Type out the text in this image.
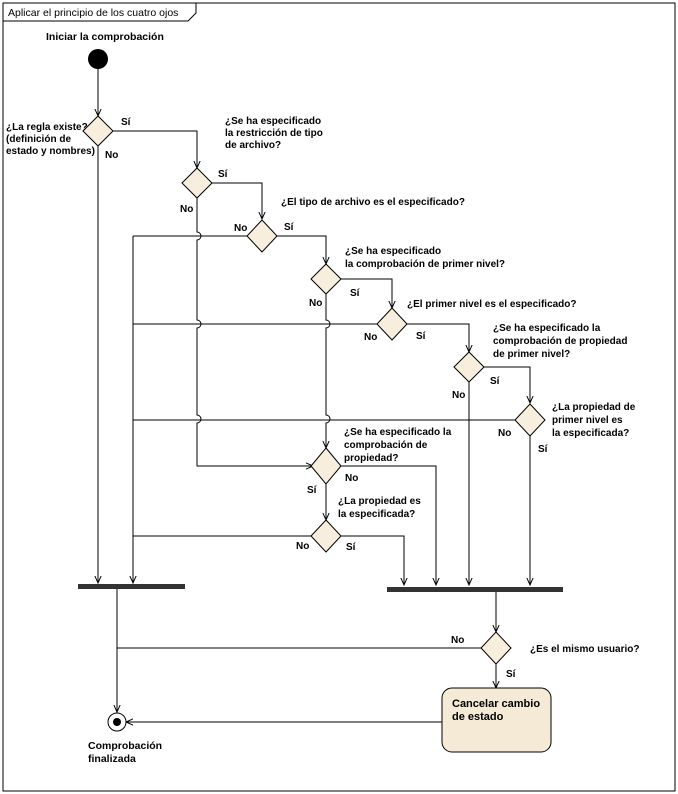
Aplicar el principio de los cuatro ojos
Iniciar la comprobación
¿La regla existe?
(definición de
estado y nombres)
Sí
No
¿Se ha especificado
la restricción de tipo
de archivo?
Sí
No
¿El tipo de archivo es el especificado?
Sí
No
¿Se ha especificado
la comprobación de primer nivel?
Sí
No	¿El primer nivel es el especificado?
Sí
No
¿Se ha especificado la
comprobación de propiedad
de primer nivel?
Sí
No
¿La propiedad de
primer nivel es
la especificada?
Sí
No
¿Se ha especificado la
comprobación de
propiedad?
No
Sí
¿La propiedad es
la especificada?
Sí
No
¿Es el mismo usuario?
No
Sí
Cancelar cambio
de estado
Comprobación
finalizada
